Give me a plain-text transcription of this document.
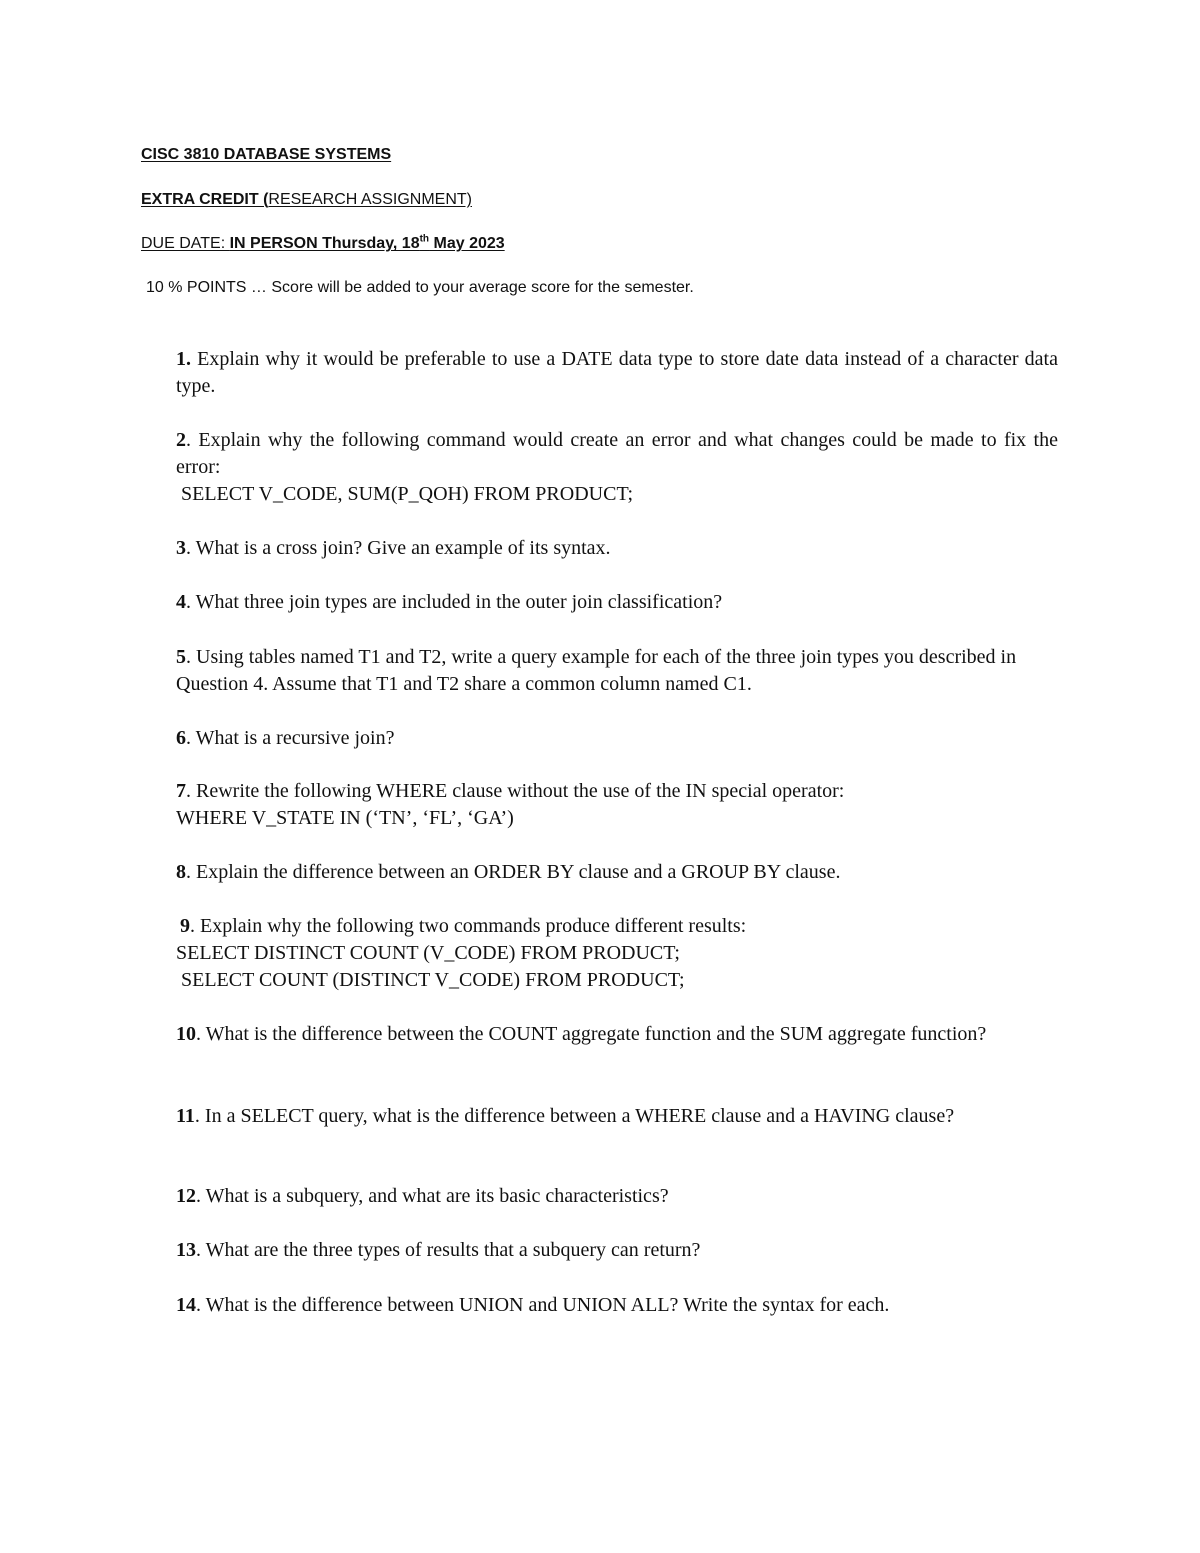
CISC 3810 DATABASE SYSTEMS
EXTRA CREDIT (RESEARCH ASSIGNMENT)
DUE DATE: IN PERSON Thursday, 18th May 2023
10 % POINTS … Score will be added to your average score for the semester.
1. Explain why it would be preferable to use a DATE data type to store date data instead of a character data type.
2. Explain why the following command would create an error and what changes could be made to fix the error:
SELECT V_CODE, SUM(P_QOH) FROM PRODUCT;
3. What is a cross join? Give an example of its syntax.
4. What three join types are included in the outer join classification?
5. Using tables named T1 and T2, write a query example for each of the three join types you described in Question 4. Assume that T1 and T2 share a common column named C1.
6. What is a recursive join?
7. Rewrite the following WHERE clause without the use of the IN special operator:
WHERE V_STATE IN (‘TN’, ‘FL’, ‘GA’)
8. Explain the difference between an ORDER BY clause and a GROUP BY clause.
9. Explain why the following two commands produce different results:
SELECT DISTINCT COUNT (V_CODE) FROM PRODUCT;
SELECT COUNT (DISTINCT V_CODE) FROM PRODUCT;
10. What is the difference between the COUNT aggregate function and the SUM aggregate function?
11. In a SELECT query, what is the difference between a WHERE clause and a HAVING clause?
12. What is a subquery, and what are its basic characteristics?
13. What are the three types of results that a subquery can return?
14. What is the difference between UNION and UNION ALL? Write the syntax for each.
